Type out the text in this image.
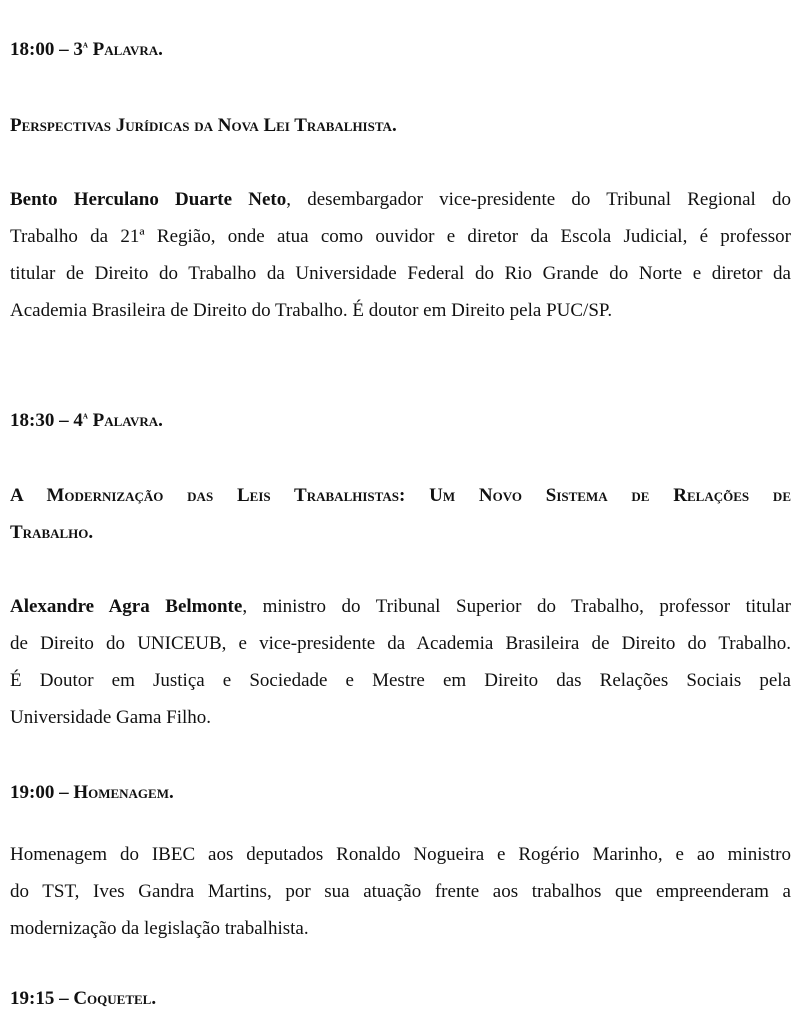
18:00 – 3$^a$ Palavra.
Perspectivas Jurídicas da Nova Lei Trabalhista.
Bento Herculano Duarte Neto, desembargador vice-presidente do Tribunal Regional do
Trabalho da 21ª Região, onde atua como ouvidor e diretor da Escola Judicial, é professor
titular de Direito do Trabalho da Universidade Federal do Rio Grande do Norte e diretor da
Academia Brasileira de Direito do Trabalho. É doutor em Direito pela PUC/SP.
18:30 – 4$^a$ Palavra.
A Modernização das Leis Trabalhistas: Um Novo Sistema de Relações de
Trabalho.
Alexandre Agra Belmonte, ministro do Tribunal Superior do Trabalho, professor titular
de Direito do UNICEUB, e vice-presidente da Academia Brasileira de Direito do Trabalho.
É Doutor em Justiça e Sociedade e Mestre em Direito das Relações Sociais pela
Universidade Gama Filho.
19:00 – Homenagem.
Homenagem do IBEC aos deputados Ronaldo Nogueira e Rogério Marinho, e ao ministro
do TST, Ives Gandra Martins, por sua atuação frente aos trabalhos que empreenderam a
modernização da legislação trabalhista.
19:15 – Coquetel.
